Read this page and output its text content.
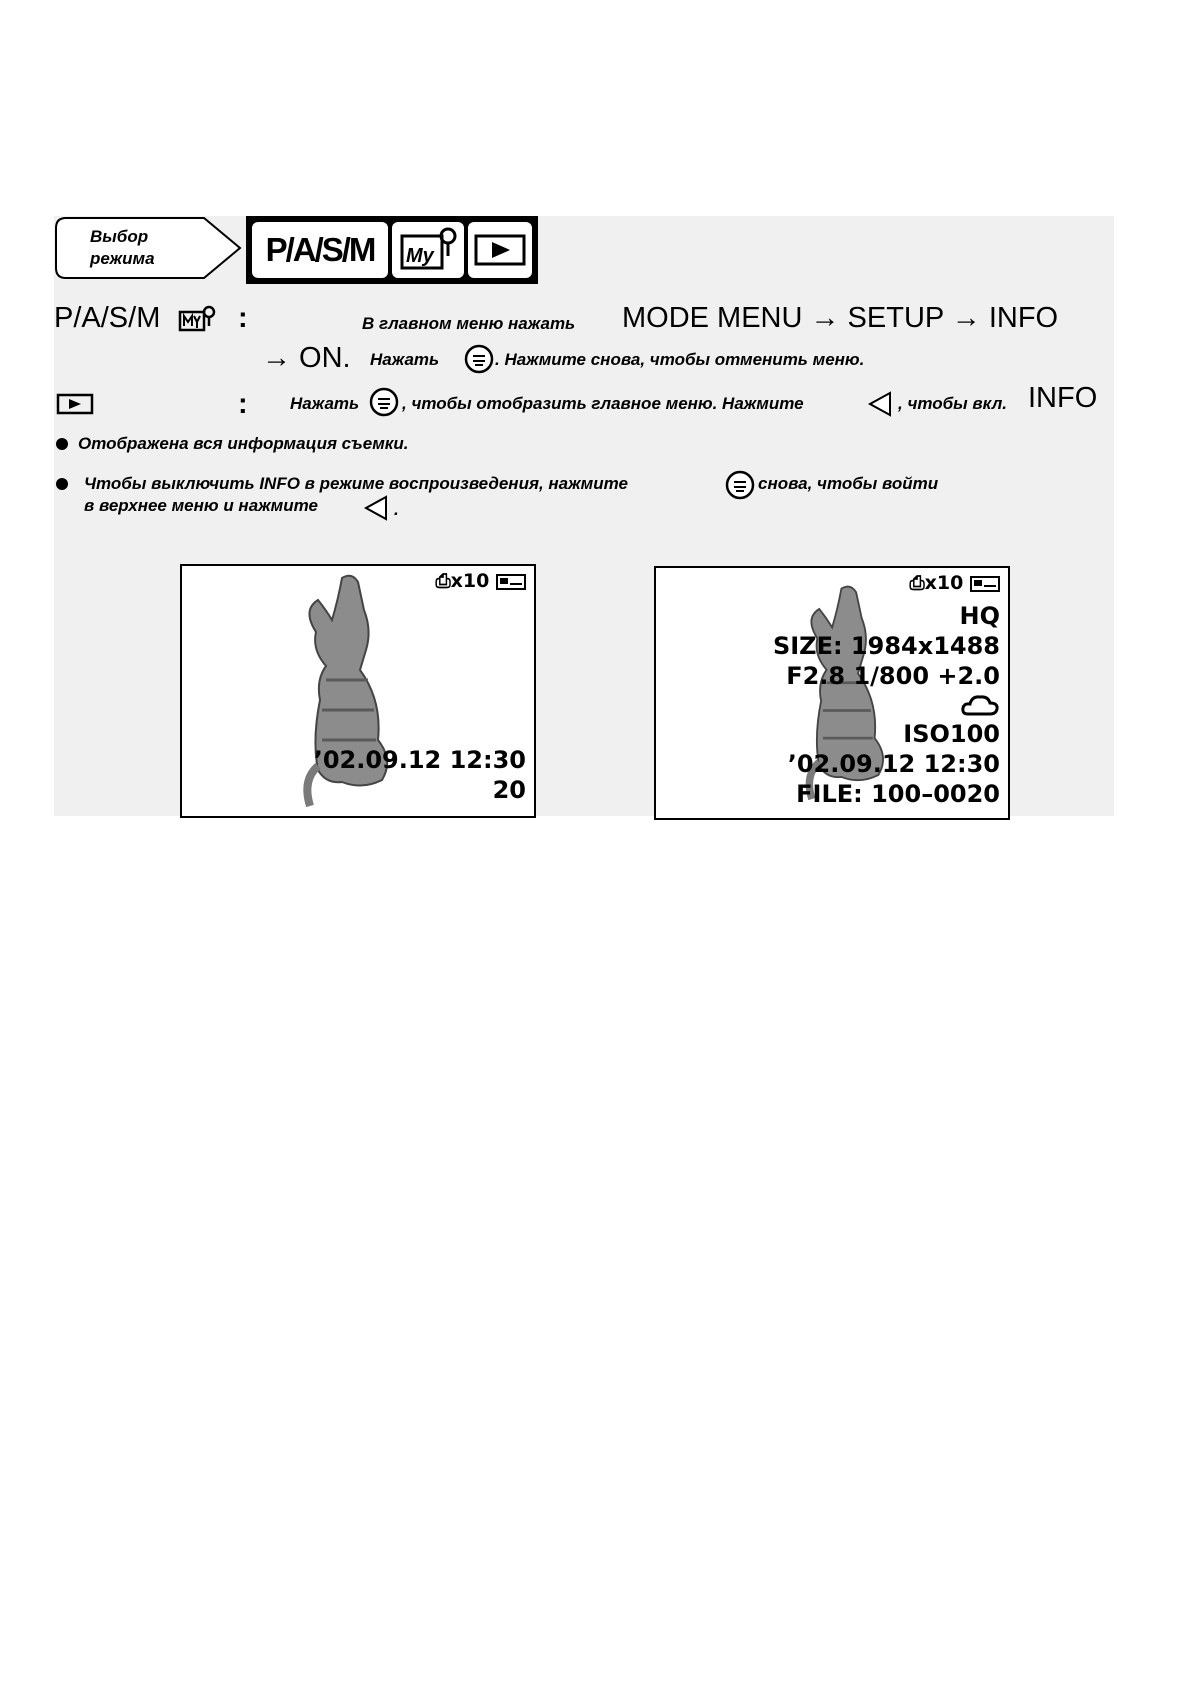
Выбор
режима	P/A/S/M	My
P/A/S/M	:	В главном меню нажать MODE MENU → SETUP → INFO
→ ON. Нажать	. Нажмите снова, чтобы отменить меню.
: Нажать	, чтобы отобразить главное меню. Нажмите	, чтобы вкл. INFO
Отображена вся информация съемки.
Чтобы выключить INFO в режиме воспроизведения, нажмите	снова, чтобы войти
в верхнее меню и нажмите	.
⎙x10
’02.09.12 12:30
20
⎙x10
HQ
SIZE: 1984x1488
F2.8 1/800 +2.0
ISO100
’02.09.12 12:30
FILE: 100–0020
